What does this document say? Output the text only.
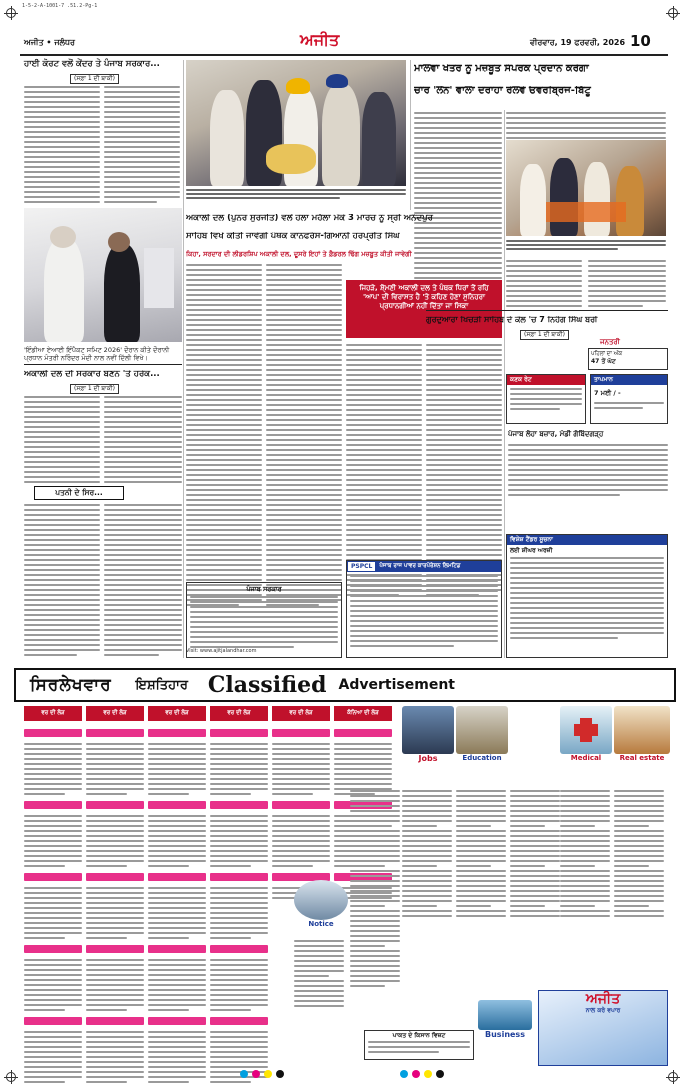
1-5-2-A-1001-7 .51.2-Pg-1
ਅਜੀਤ • ਜਲੰਧਰ	ਅਜੀਤ	ਵੀਰਵਾਰ, 19 ਫਰਵਰੀ, 2026 10
ਹਾਈ ਕੋਰਟ ਵਲੋਂ ਕੇਂਦਰ ਤੇ ਪੰਜਾਬ ਸਰਕਾਰ...
(ਸਫ਼ਾ 1 ਦੀ ਬਾਕੀ)
ਮਾਲਵਾ ਖੇਤਰ ਨੂੰ ਮਜ਼ਬੂਤ ਸੰਪਰਕ ਪ੍ਰਦਾਨ ਕਰੇਗਾ
ਚਾਰ 'ਲੇਨ' ਵਾਲਾ ਦੋਰਾਹਾ ਰੇਲਵੇ ਓਵਰਬ੍ਰਿਜ-ਬਿੱਟੂ
'ਇੰਡੀਆ ਏਆਈ ਇੰਪੈਕਟ ਸਮਿਟ 2026' ਦੌਰਾਨ ਕੀਤੇ ਦੌਰਾਨੀ ਪ੍ਰਧਾਨ ਮੰਤਰੀ ਨਰਿੰਦਰ ਮੋਦੀ ਨਾਲ ਨਵੀਂ ਦਿੱਲੀ ਵਿਖੇ।
ਅਕਾਲੀ ਦਲ (ਪੁਨਰ ਸੁਰਜੀਤ) ਵਲੋਂ ਹੋਲਾ ਮਹੱਲਾ ਮੌਕੇ 3 ਮਾਰਚ ਨੂੰ ਸ੍ਰੀ ਅਨੰਦਪੁਰ
ਸਾਹਿਬ ਵਿਖੇ ਕੀਤੀ ਜਾਵੇਗੀ ਪੰਥਕ ਕਾਨਫਰੰਸ-ਗਿਆਨੀ ਹਰਪ੍ਰੀਤ ਸਿੰਘ
ਕਿਹਾ, ਸਰਦਾਰ ਦੀ ਲੀਡਰਸ਼ਿਪ ਅਕਾਲੀ ਦਲ, ਦੂਸਰੇ ਇਹਾਂ ਤੇ ਫ਼ੈਡਰਲ ਢਿੱਗ ਮਜ਼ਬੂਤ ਕੀਤੀ ਜਾਵੇਗੀ
ਜਿਹੜੇ, ਸ਼ੋ੍ਮਣੀ ਅਕਾਲੀ ਦਲ ਤੇ ਪੰਥਕ ਧਿਰਾਂ ਤੋਂ ਰਹਿ 'ਆਪ' ਦੀ ਵਿਰਾਸਤ ਹੈ 'ਤੇ ਕਹਿਣ ਹੋਣਾ ਸੁਨਿਹਰਾ ਪ੍ਰਧਾਨਗੀਆਂ ਨਹੀਂ ਦਿੱਤਾ ਜਾ ਸਿਕਾ
ਅਕਾਲੀ ਦਲ ਦੀ ਸਰਕਾਰ ਬਣਨ 'ਤੇ ਹਰੇਕ...
(ਸਫ਼ਾ 1 ਦੀ ਬਾਕੀ)
ਪਤਨੀ ਦੇ ਸਿਰ...
ਗੁਰਦੁਆਰਾ ਖਿਚੜੀ ਸਾਹਿਬ ਦੇ ਕੋਲ 'ਚ 7 ਨਿਹੰਗ ਸਿੰਘ ਬਰੀ
(ਸਫ਼ਾ 1 ਦੀ ਬਾਕੀ)
ਜਨਤਰੀ
ਪਹਿਲਾਂ ਦਾ ਅੰਕ
47 ਤੋਂ ਘੱਟ
ਕਣਕ ਰੇਟ	ਤਾਪਮਾਨ
7 ਮਈ / -
ਪੰਜਾਬ ਲੋਹਾ ਬਜ਼ਾਰ, ਮੰਡੀ ਗੋਬਿੰਦਗੜ੍ਹ
ਵਿਸ਼ੇਸ਼ ਟੈਂਡਰ ਸੂਚਨਾ
ਲਈ ਸ਼ੀਘਰ ਅਰਜ਼ੀ
PSPCL	ਪੰਜਾਬ ਰਾਜ ਪਾਵਰ ਕਾਰਪੋਰੇਸ਼ਨ ਲਿਮਟਿਡ
ਪੰਜਾਬ ਸਰਕਾਰ
ਸਿਰਲੇਖਵਾਰ ਇਸ਼ਤਿਹਾਰ Classified Advertisement
ਵਰ ਦੀ ਲੋੜ	ਵਰ ਦੀ ਲੋੜ	ਵਰ ਦੀ ਲੋੜ	ਵਰ ਦੀ ਲੋੜ	ਵਰ ਦੀ ਲੋੜ	ਕੰਨਿਆ ਦੀ ਲੋੜ
Jobs	Education	Medical	Real estate
Notice
Business
ਅਜੀਤ
ਨਾਲ ਕਰੋ ਵਪਾਰ
ਪਾਕਤ ਦੇ ਕਿਸਾਨ ਵਿਜ਼ਟ
Visit: www.ajitjalandhar.com
